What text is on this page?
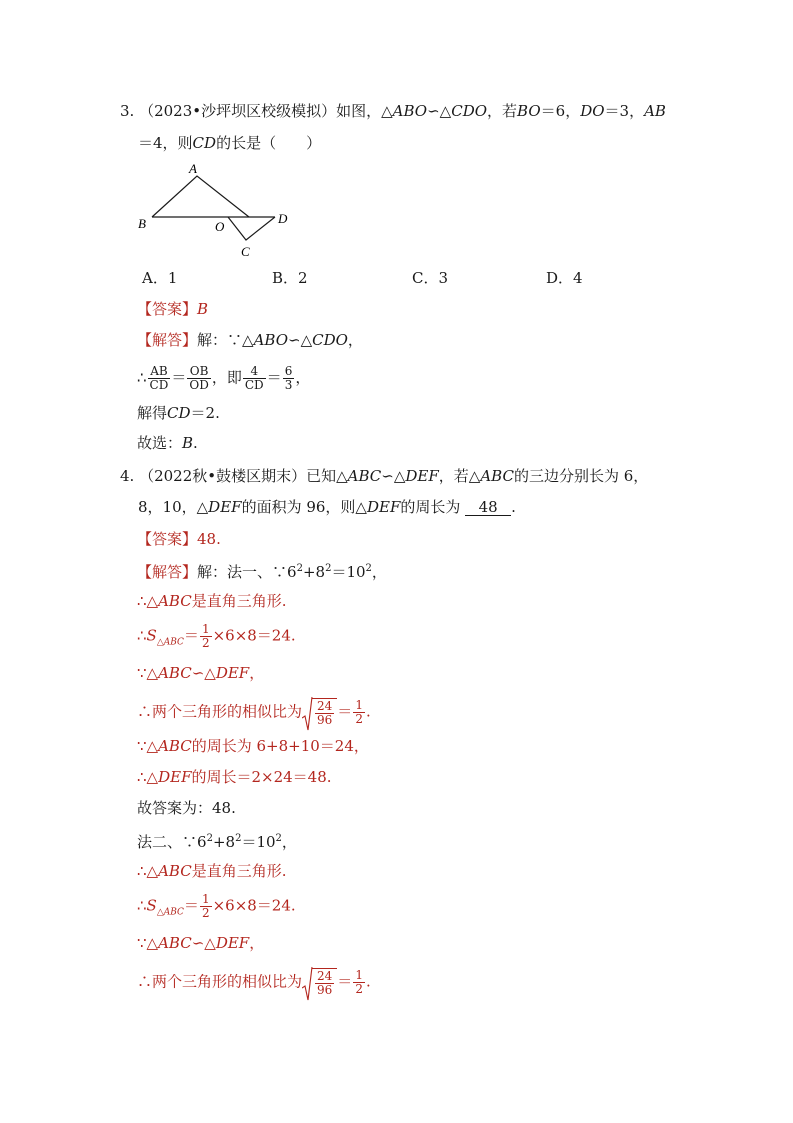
3. （2023•沙坪坝区校级模拟）如图，△ABO∽△CDO，若BO＝6，DO＝3，AB
＝4，则CD的长是（　　）
A
B	O
C
D
A．1	B．2	C．3	D．4
【答案】B
【解答】解：∵△ABO∽△CDO，
∴ $\frac{AB}{CD} = \frac{OB}{OD}$ ，即 $\frac{4}{CD} = \frac{6}{3}$ ，
解得CD＝2.
故选：B.
4. （2022秋•鼓楼区期末）已知△ABC∽△DEF，若△ABC的三边分别长为 6，
8，10，△DEF的面积为 96，则△DEF的周长为 48 .
【答案】48.
【解答】解：法一、$\because 6^2+8^2=10^2$，
∴△ABC是直角三角形.
$\therefore S_{\triangle ABC}= \frac{1}{2} \times 6\times 8=24$.
∵△ABC∽△DEF，
∴两个三角形的相似比为 $\frac{24}{96} = \frac{1}{2}$ .
∵△ABC的周长为 6+8+10＝24，
∴△DEF的周长＝2×24＝48.
故答案为：48.
法二、$\because 6^2+8^2=10^2$，
∴△ABC是直角三角形.
$\therefore S_{\triangle ABC}= \frac{1}{2} \times 6\times 8=24$.
∵△ABC∽△DEF，
∴两个三角形的相似比为 $\frac{24}{96} = \frac{1}{2}$ .
